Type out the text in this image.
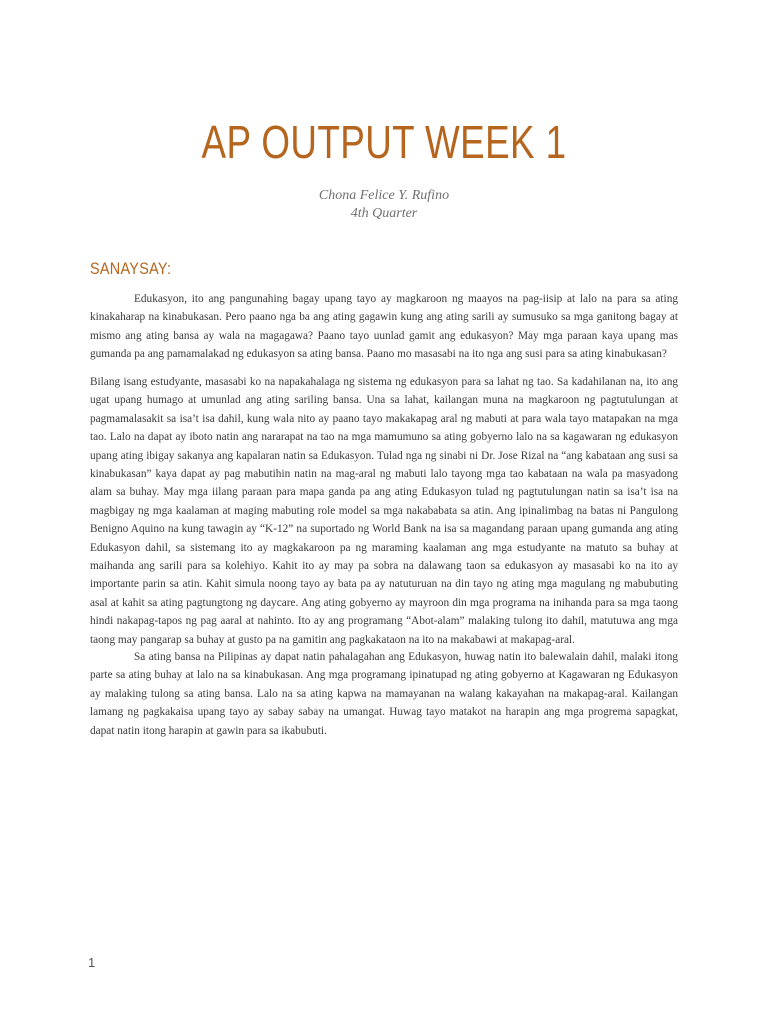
AP OUTPUT WEEK 1
Chona Felice Y. Rufino
4th Quarter
SANAYSAY:

Edukasyon, ito ang pangunahing bagay upang tayo ay magkaroon ng maayos na pag-iisip at lalo na para sa ating kinakaharap na kinabukasan. Pero paano nga ba ang ating gagawin kung ang ating sarili ay sumusuko sa mga ganitong bagay at mismo ang ating bansa ay wala na magagawa? Paano tayo uunlad gamit ang edukasyon? May mga paraan kaya upang mas gumanda pa ang pamamalakad ng edukasyon sa ating bansa. Paano mo masasabi na ito nga ang susi para sa ating kinabukasan?

Bilang isang estudyante, masasabi ko na napakahalaga ng sistema ng edukasyon para sa lahat ng tao. Sa kadahilanan na, ito ang ugat upang humago at umunlad ang ating sariling bansa. Una sa lahat, kailangan muna na magkaroon ng pagtutulungan at pagmamalasakit sa isa’t isa dahil, kung wala nito ay paano tayo makakapag aral ng mabuti at para wala tayo matapakan na mga tao. Lalo na dapat ay iboto natin ang nararapat na tao na mga mamumuno sa ating gobyerno lalo na sa kagawaran ng edukasyon upang ating ibigay sakanya ang kapalaran natin sa Edukasyon. Tulad nga ng sinabi ni Dr. Jose Rizal na “ang kabataan ang susi sa kinabukasan” kaya dapat ay pag mabutihin natin na mag-aral ng mabuti lalo tayong mga tao kabataan na wala pa masyadong alam sa buhay. May mga iilang paraan para mapa ganda pa ang ating Edukasyon tulad ng pagtutulungan natin sa isa’t isa na magbigay ng mga kaalaman at maging mabuting role model sa mga nakababata sa atin. Ang ipinalimbag na batas ni Pangulong Benigno Aquino na kung tawagin ay “K-12” na suportado ng World Bank na isa sa magandang paraan upang gumanda ang ating Edukasyon dahil, sa sistemang ito ay magkakaroon pa ng maraming kaalaman ang mga estudyante na matuto sa buhay at maihanda ang sarili para sa kolehiyo. Kahit ito ay may pa sobra na dalawang taon sa edukasyon ay masasabi ko na ito ay importante parin sa atin. Kahit simula noong tayo ay bata pa ay natuturuan na din tayo ng ating mga magulang ng mabubuting asal at kahit sa ating pagtungtong ng daycare. Ang ating gobyerno ay mayroon din mga programa na inihanda para sa mga taong hindi nakapag-tapos ng pag aaral at nahinto. Ito ay ang programang “Abot-alam” malaking tulong ito dahil, matutuwa ang mga taong may pangarap sa buhay at gusto pa na gamitin ang pagkakataon na ito na makabawi at makapag-aral.

Sa ating bansa na Pilipinas ay dapat natin pahalagahan ang Edukasyon, huwag natin ito balewalain dahil, malaki itong parte sa ating buhay at lalo na sa kinabukasan. Ang mga programang ipinatupad ng ating gobyerno at Kagawaran ng Edukasyon ay malaking tulong sa ating bansa. Lalo na sa ating kapwa na mamayanan na walang kakayahan na makapag-aral. Kailangan lamang ng pagkakaisa upang tayo ay sabay sabay na umangat. Huwag tayo matakot na harapin ang mga progrema sapagkat, dapat natin itong harapin at gawin para sa ikabubuti.

1
